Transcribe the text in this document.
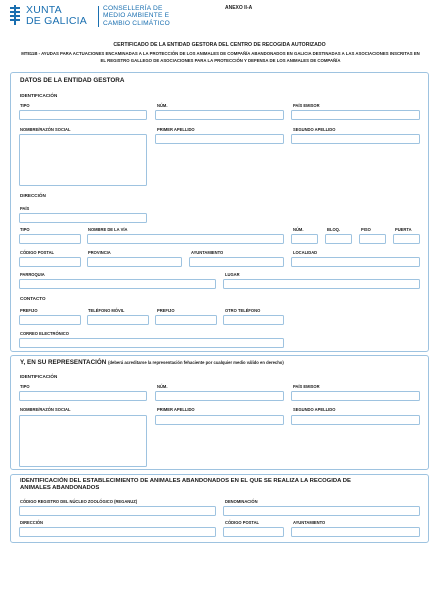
XUNTA
DE GALICIA
CONSELLERÍA DE
MEDIO AMBIENTE E
CAMBIO CLIMÁTICO
ANEXO II-A
CERTIFICADO DE LA ENTIDAD GESTORA DEL CENTRO DE RECOGIDA AUTORIZADO
MT811B - AYUDAS PARA ACTUACIONES ENCAMINADAS A LA PROTECCIÓN DE LOS ANIMALES DE COMPAÑÍA ABANDONADOS EN GALICIA DESTINADAS A LAS ASOCIACIONES INSCRITAS EN EL REGISTRO GALLEGO DE ASOCIACIONES PARA LA PROTECCIÓN Y DEFENSA DE LOS ANIMALES DE COMPAÑÍA
DATOS DE LA ENTIDAD GESTORA
IDENTIFICACIÓN
TIPO	NÚM.	PAÍS EMISOR
NOMBRE/RAZÓN SOCIAL	PRIMER APELLIDO	SEGUNDO APELLIDO
DIRECCIÓN
PAÍS
TIPO	NOMBRE DE LA VÍA	NÚM.	BLOQ.	PISO	PUERTA
CÓDIGO POSTAL	PROVINCIA	AYUNTAMIENTO	LOCALIDAD
PARROQUIA	LUGAR
CONTACTO
PREFIJO	TELÉFONO MÓVIL	PREFIJO	OTRO TELÉFONO
CORREO ELECTRÓNICO
Y, EN SU REPRESENTACIÓN (deberá acreditarse la representación fehaciente por cualquier medio válido en derecho)
IDENTIFICACIÓN
TIPO	NÚM.	PAÍS EMISOR
NOMBRE/RAZÓN SOCIAL	PRIMER APELLIDO	SEGUNDO APELLIDO
IDENTIFICACIÓN DEL ESTABLECIMIENTO DE ANIMALES ABANDONADOS EN EL QUE SE REALIZA LA RECOGIDA DE
ANIMALES ABANDONADOS
CÓDIGO REGISTRO DEL NÚCLEO ZOOLÓGICO (REGANUZ)	DENOMINACIÓN
DIRECCIÓN	CÓDIGO POSTAL	AYUNTAMIENTO
